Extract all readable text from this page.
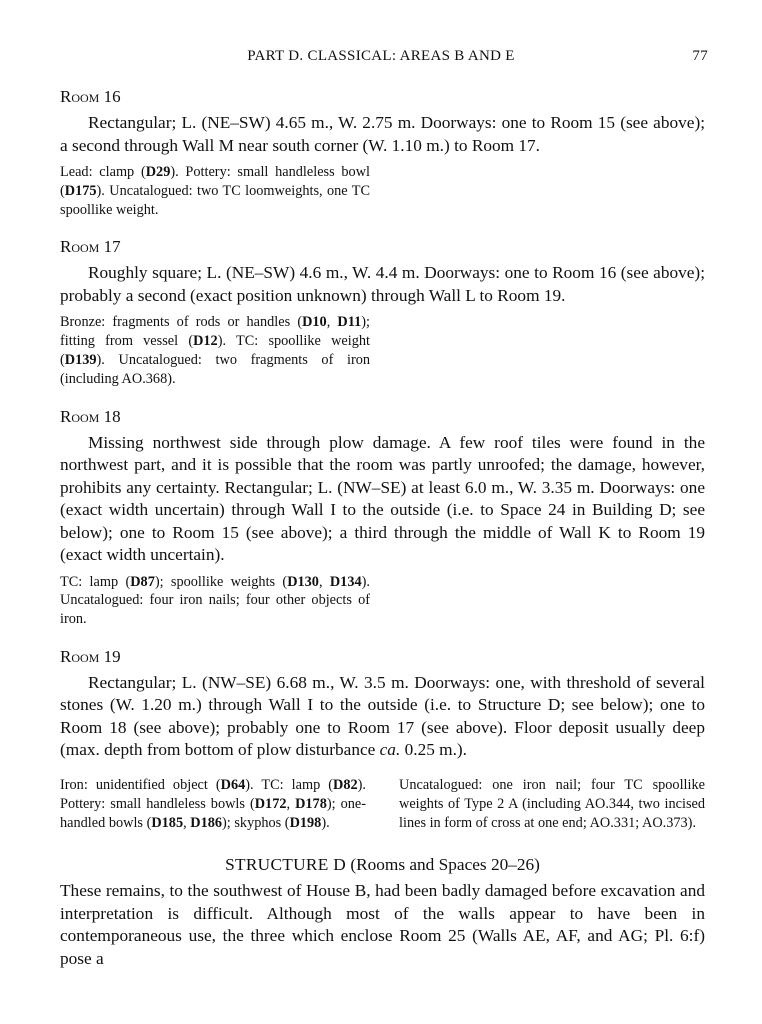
PART D. CLASSICAL: AREAS B AND E	77
Room 16

Rectangular; L. (NE–SW) 4.65 m., W. 2.75 m. Doorways: one to Room 15 (see above); a second through Wall M near south corner (W. 1.10 m.) to Room 17.

Lead: clamp (D29). Pottery: small handleless bowl (D175). Uncatalogued: two TC loomweights, one TC spoollike weight.

Room 17

Roughly square; L. (NE–SW) 4.6 m., W. 4.4 m. Doorways: one to Room 16 (see above); probably a second (exact position unknown) through Wall L to Room 19.

Bronze: fragments of rods or handles (D10, D11); fitting from vessel (D12). TC: spoollike weight (D139). Uncatalogued: two fragments of iron (including AO.368).

Room 18

Missing northwest side through plow damage. A few roof tiles were found in the northwest part, and it is possible that the room was partly unroofed; the damage, however, prohibits any certainty. Rectangular; L. (NW–SE) at least 6.0 m., W. 3.35 m. Doorways: one (exact width uncertain) through Wall I to the outside (i.e. to Space 24 in Building D; see below); one to Room 15 (see above); a third through the middle of Wall K to Room 19 (exact width uncertain).

TC: lamp (D87); spoollike weights (D130, D134). Uncatalogued: four iron nails; four other objects of iron.

Room 19

Rectangular; L. (NW–SE) 6.68 m., W. 3.5 m. Doorways: one, with threshold of several stones (W. 1.20 m.) through Wall I to the outside (i.e. to Structure D; see below); one to Room 18 (see above); probably one to Room 17 (see above). Floor deposit usually deep (max. depth from bottom of plow disturbance ca. 0.25 m.).

Iron: unidentified object (D64). TC: lamp (D82). Pottery: small handleless bowls (D172, D178); one-handled bowls (D185, D186); skyphos (D198).

Uncatalogued: one iron nail; four TC spoollike weights of Type 2 A (including AO.344, two incised lines in form of cross at one end; AO.331; AO.373).

STRUCTURE D (Rooms and Spaces 20–26)

These remains, to the southwest of House B, had been badly damaged before excavation and interpretation is difficult. Although most of the walls appear to have been in contemporaneous use, the three which enclose Room 25 (Walls AE, AF, and AG; Pl. 6:f) pose a
